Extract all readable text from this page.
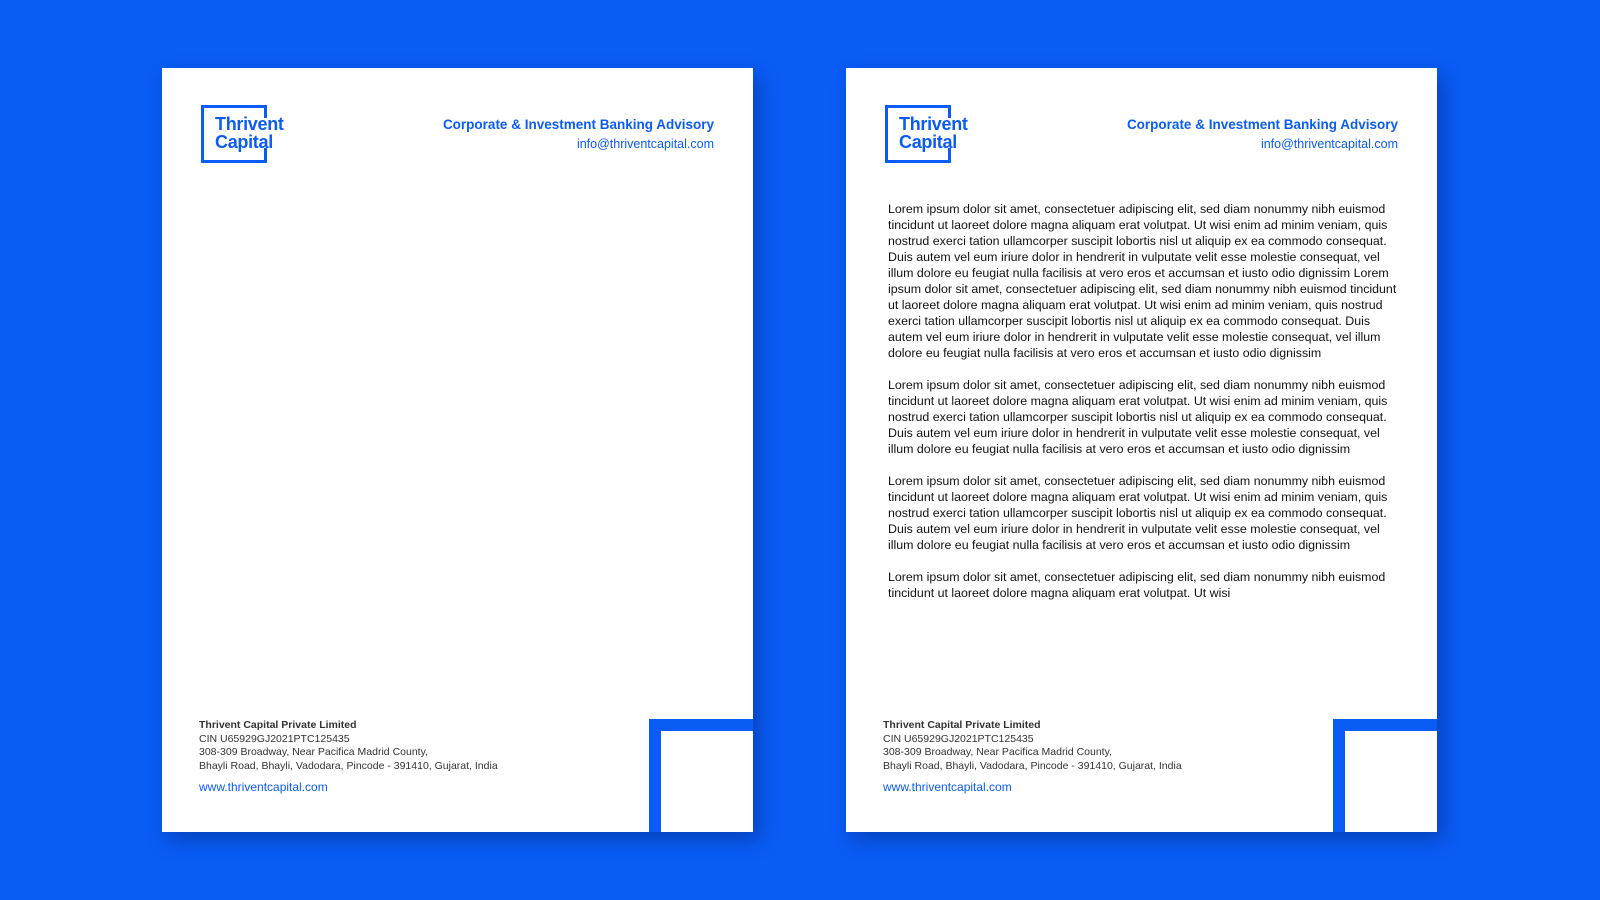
Thrivent
Capital
Corporate & Investment Banking Advisory
info@thriventcapital.com
Thrivent Capital Private Limited
CIN U65929GJ2021PTC125435
308-309 Broadway, Near Pacifica Madrid County,
Bhayli Road, Bhayli, Vadodara, Pincode - 391410, Gujarat, India
www.thriventcapital.com
Thrivent
Capital
Corporate & Investment Banking Advisory
info@thriventcapital.com

Lorem ipsum dolor sit amet, consectetuer adipiscing elit, sed diam nonummy nibh euismod tincidunt ut laoreet dolore magna aliquam erat volutpat. Ut wisi enim ad minim veniam, quis nostrud exerci tation ullamcorper suscipit lobortis nisl ut aliquip ex ea commodo consequat. Duis autem vel eum iriure dolor in hendrerit in vulputate velit esse molestie consequat, vel illum dolore eu feugiat nulla facilisis at vero eros et accumsan et iusto odio dignissim Lorem ipsum dolor sit amet, consectetuer adipiscing elit, sed diam nonummy nibh euismod tincidunt ut laoreet dolore magna aliquam erat volutpat. Ut wisi enim ad minim veniam, quis nostrud exerci tation ullamcorper suscipit lobortis nisl ut aliquip ex ea commodo consequat. Duis autem vel eum iriure dolor in hendrerit in vulputate velit esse molestie consequat, vel illum dolore eu feugiat nulla facilisis at vero eros et accumsan et iusto odio dignissim

Lorem ipsum dolor sit amet, consectetuer adipiscing elit, sed diam nonummy nibh euismod tincidunt ut laoreet dolore magna aliquam erat volutpat. Ut wisi enim ad minim veniam, quis nostrud exerci tation ullamcorper suscipit lobortis nisl ut aliquip ex ea commodo consequat. Duis autem vel eum iriure dolor in hendrerit in vulputate velit esse molestie consequat, vel illum dolore eu feugiat nulla facilisis at vero eros et accumsan et iusto odio dignissim

Lorem ipsum dolor sit amet, consectetuer adipiscing elit, sed diam nonummy nibh euismod tincidunt ut laoreet dolore magna aliquam erat volutpat. Ut wisi enim ad minim veniam, quis nostrud exerci tation ullamcorper suscipit lobortis nisl ut aliquip ex ea commodo consequat. Duis autem vel eum iriure dolor in hendrerit in vulputate velit esse molestie consequat, vel illum dolore eu feugiat nulla facilisis at vero eros et accumsan et iusto odio dignissim

Lorem ipsum dolor sit amet, consectetuer adipiscing elit, sed diam nonummy nibh euismod tincidunt ut laoreet dolore magna aliquam erat volutpat. Ut wisi

Thrivent Capital Private Limited
CIN U65929GJ2021PTC125435
308-309 Broadway, Near Pacifica Madrid County,
Bhayli Road, Bhayli, Vadodara, Pincode - 391410, Gujarat, India
www.thriventcapital.com
